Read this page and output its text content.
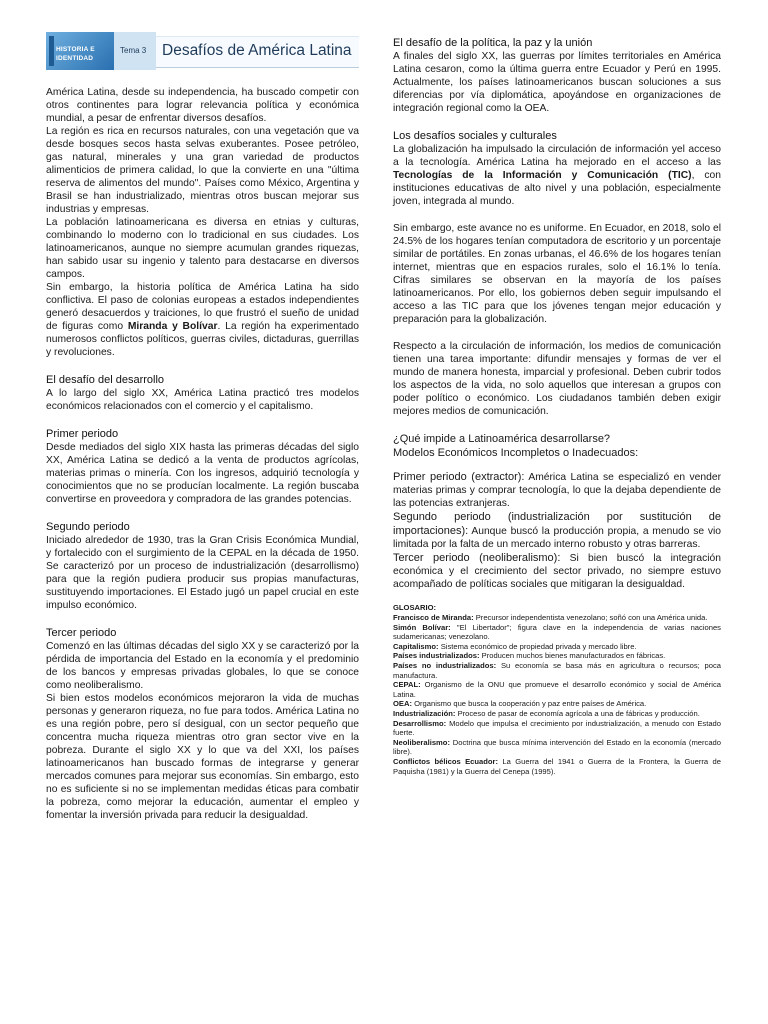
HISTORIA E
IDENTIDAD
Tema 3 Desafíos de América Latina

América Latina, desde su independencia, ha buscado competir con otros continentes para lograr relevancia política y económica mundial, a pesar de enfrentar diversos desafíos.

La región es rica en recursos naturales, con una vegetación que va desde bosques secos hasta selvas exuberantes. Posee petróleo, gas natural, minerales y una gran variedad de productos alimenticios de primera calidad, lo que la convierte en una "última reserva de alimentos del mundo". Países como México, Argentina y Brasil se han industrializado, mientras otros buscan mejorar sus industrias y empresas.

La población latinoamericana es diversa en etnias y culturas, combinando lo moderno con lo tradicional en sus ciudades. Los latinoamericanos, aunque no siempre acumulan grandes riquezas, han sabido usar su ingenio y talento para destacarse en diversos campos.

Sin embargo, la historia política de América Latina ha sido conflictiva. El paso de colonias europeas a estados independientes generó desacuerdos y traiciones, lo que frustró el sueño de unidad de figuras como Miranda y Bolívar. La región ha experimentado numerosos conflictos políticos, guerras civiles, dictaduras, guerrillas y revoluciones.

El desafío del desarrollo

A lo largo del siglo XX, América Latina practicó tres modelos económicos relacionados con el comercio y el capitalismo.

Primer periodo

Desde mediados del siglo XIX hasta las primeras décadas del siglo XX, América Latina se dedicó a la venta de productos agrícolas, materias primas o minería. Con los ingresos, adquirió tecnología y conocimientos que no se producían localmente. La región buscaba convertirse en proveedora y compradora de las grandes potencias.

Segundo periodo

Iniciado alrededor de 1930, tras la Gran Crisis Económica Mundial, y fortalecido con el surgimiento de la CEPAL en la década de 1950. Se caracterizó por un proceso de industrialización (desarrollismo) para que la región pudiera producir sus propias manufacturas, sustituyendo importaciones. El Estado jugó un papel crucial en este impulso económico.

Tercer periodo

Comenzó en las últimas décadas del siglo XX y se caracterizó por la pérdida de importancia del Estado en la economía y el predominio de los bancos y empresas privadas globales, lo que se conoce como neoliberalismo.

Si bien estos modelos económicos mejoraron la vida de muchas personas y generaron riqueza, no fue para todos. América Latina no es una región pobre, pero sí desigual, con un sector pequeño que concentra mucha riqueza mientras otro gran sector vive en la pobreza. Durante el siglo XX y lo que va del XXI, los países latinoamericanos han buscado formas de integrarse y generar mercados comunes para mejorar sus economías. Sin embargo, esto no es suficiente si no se implementan medidas éticas para combatir la pobreza, como mejorar la educación, aumentar el empleo y fomentar la inversión privada para reducir la desigualdad.

El desafío de la política, la paz y la unión

A finales del siglo XX, las guerras por límites territoriales en América Latina cesaron, como la última guerra entre Ecuador y Perú en 1995. Actualmente, los países latinoamericanos buscan soluciones a sus diferencias por vía diplomática, apoyándose en organizaciones de integración regional como la OEA.

Los desafíos sociales y culturales

La globalización ha impulsado la circulación de información yel acceso a la tecnología. América Latina ha mejorado en el acceso a las Tecnologías de la Información y Comunicación (TIC), con instituciones educativas de alto nivel y una población, especialmente joven, integrada al mundo.

Sin embargo, este avance no es uniforme. En Ecuador, en 2018, solo el 24.5% de los hogares tenían computadora de escritorio y un porcentaje similar de portátiles. En zonas urbanas, el 46.6% de los hogares tenían internet, mientras que en espacios rurales, solo el 16.1% lo tenía. Cifras similares se observan en la mayoría de los países latinoamericanos. Por ello, los gobiernos deben seguir impulsando el acceso a las TIC para que los jóvenes tengan mejor educación y preparación para la globalización.

Respecto a la circulación de información, los medios de comunicación tienen una tarea importante: difundir mensajes y formas de ver el mundo de manera honesta, imparcial y profesional. Deben cubrir todos los aspectos de la vida, no solo aquellos que interesan a grupos con poder político o económico. Los ciudadanos también deben exigir mejores medios de comunicación.

¿Qué impide a Latinoamérica desarrollarse?

Modelos Económicos Incompletos o Inadecuados:

Primer periodo (extractor): América Latina se especializó en vender materias primas y comprar tecnología, lo que la dejaba dependiente de las potencias extranjeras.

Segundo periodo (industrialización por sustitución de importaciones): Aunque buscó la producción propia, a menudo se vio limitada por la falta de un mercado interno robusto y otras barreras.

Tercer periodo (neoliberalismo): Si bien buscó la integración económica y el crecimiento del sector privado, no siempre estuvo acompañado de políticas sociales que mitigaran la desigualdad.

GLOSARIO:

Francisco de Miranda: Precursor independentista venezolano; soñó con una América unida.

Simón Bolívar: "El Libertador"; figura clave en la independencia de varias naciones sudamericanas; venezolano.

Capitalismo: Sistema económico de propiedad privada y mercado libre.

Países industrializados: Producen muchos bienes manufacturados en fábricas.

Países no industrializados: Su economía se basa más en agricultura o recursos; poca manufactura.

CEPAL: Organismo de la ONU que promueve el desarrollo económico y social de América Latina.

OEA: Organismo que busca la cooperación y paz entre países de América.

Industrialización: Proceso de pasar de economía agrícola a una de fábricas y producción.

Desarrollismo: Modelo que impulsa el crecimiento por industrialización, a menudo con Estado fuerte.

Neoliberalismo: Doctrina que busca mínima intervención del Estado en la economía (mercado libre).

Conflictos bélicos Ecuador: La Guerra del 1941 o Guerra de la Frontera, la Guerra de Paquisha (1981) y la Guerra del Cenepa (1995).
